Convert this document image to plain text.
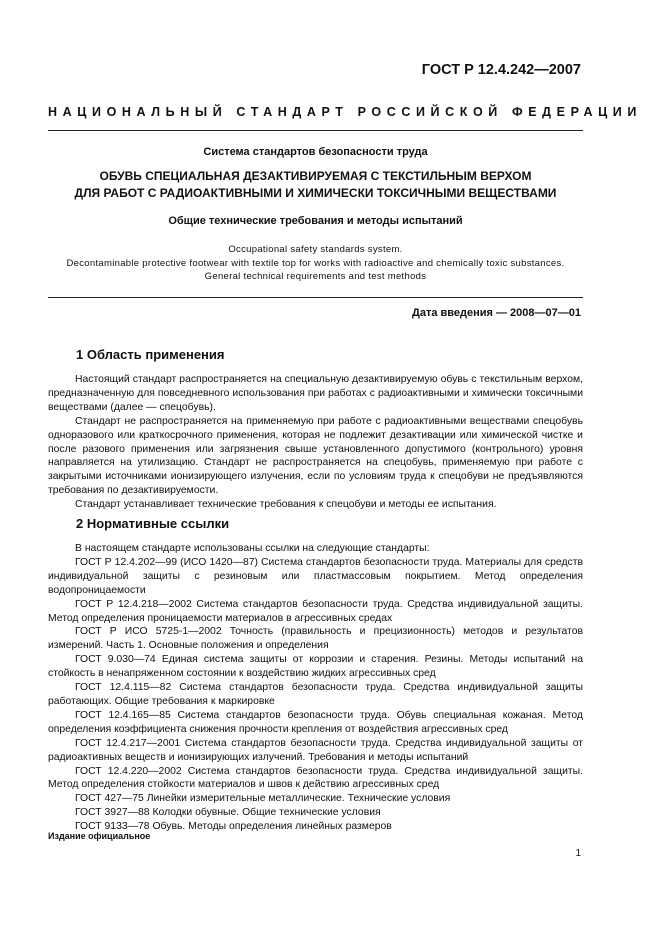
ГОСТ Р 12.4.242—2007
НАЦИОНАЛЬНЫЙ СТАНДАРТ РОССИЙСКОЙ ФЕДЕРАЦИИ
Система стандартов безопасности труда
ОБУВЬ СПЕЦИАЛЬНАЯ ДЕЗАКТИВИРУЕМАЯ С ТЕКСТИЛЬНЫМ ВЕРХОМ
ДЛЯ РАБОТ С РАДИОАКТИВНЫМИ И ХИМИЧЕСКИ ТОКСИЧНЫМИ ВЕЩЕСТВАМИ
Общие технические требования и методы испытаний
Occupational safety standards system.
Decontaminable protective footwear with textile top for works with radioactive and chemically toxic substances.
General technical requirements and test methods
Дата введения — 2008—07—01
1 Область применения

Настоящий стандарт распространяется на специальную дезактивируемую обувь с текстильным верхом, предназначенную для повседневного использования при работах с радиоактивными и химически токсичными веществами (далее — спецобувь).

Стандарт не распространяется на применяемую при работе с радиоактивными веществами спецобувь одноразового или краткосрочного применения, которая не подлежит дезактивации или химической чистке и после разового применения или загрязнения свыше установленного допустимого (контрольного) уровня направляется на утилизацию. Стандарт не распространяется на спецобувь, применяемую при работе с закрытыми источниками ионизирующего излучения, если по условиям труда к спецобуви не предъявляются требования по дезактивируемости.

Стандарт устанавливает технические требования к спецобуви и методы ее испытания.

2 Нормативные ссылки

В настоящем стандарте использованы ссылки на следующие стандарты:

ГОСТ Р 12.4.202—99 (ИСО 1420—87) Система стандартов безопасности труда. Материалы для средств индивидуальной защиты с резиновым или пластмассовым покрытием. Метод определения водопроницаемости

ГОСТ Р 12.4.218—2002 Система стандартов безопасности труда. Средства индивидуальной защиты. Метод определения проницаемости материалов в агрессивных средах

ГОСТ Р ИСО 5725-1—2002 Точность (правильность и прецизионность) методов и результатов измерений. Часть 1. Основные положения и определения

ГОСТ 9.030—74 Единая система защиты от коррозии и старения. Резины. Методы испытаний на стойкость в ненапряженном состоянии к воздействию жидких агрессивных сред

ГОСТ 12.4.115—82 Система стандартов безопасности труда. Средства индивидуальной защиты работающих. Общие требования к маркировке

ГОСТ 12.4.165—85 Система стандартов безопасности труда. Обувь специальная кожаная. Метод определения коэффициента снижения прочности крепления от воздействия агрессивных сред

ГОСТ 12.4.217—2001 Система стандартов безопасности труда. Средства индивидуальной защиты от радиоактивных веществ и ионизирующих излучений. Требования и методы испытаний

ГОСТ 12.4.220—2002 Система стандартов безопасности труда. Средства индивидуальной защиты. Метод определения стойкости материалов и швов к действию агрессивных сред

ГОСТ 427—75 Линейки измерительные металлические. Технические условия

ГОСТ 3927—88 Колодки обувные. Общие технические условия

ГОСТ 9133—78 Обувь. Методы определения линейных размеров

Издание официальное
1
